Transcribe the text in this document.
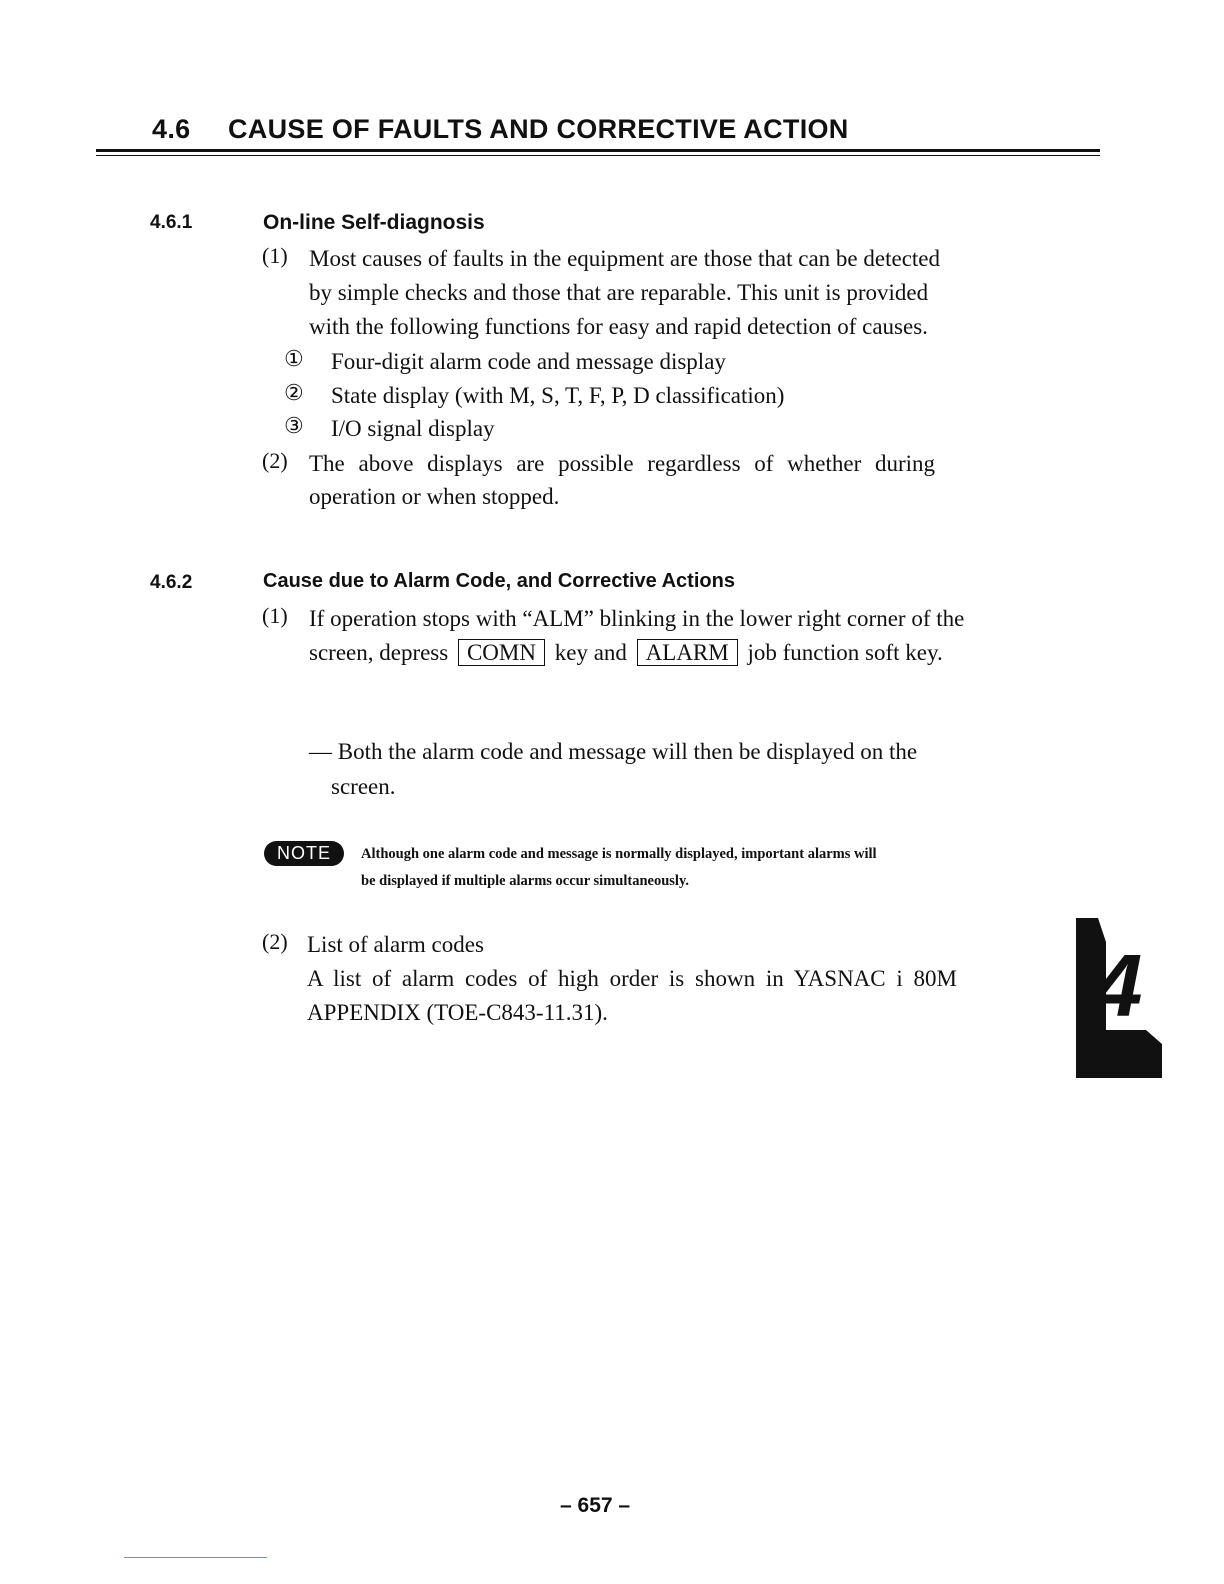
4.6 CAUSE OF FAULTS AND CORRECTIVE ACTION
4.6.1	On-line Self-diagnosis
(1) Most causes of faults in the equipment are those that can be detected
by simple checks and those that are reparable. This unit is provided
with the following functions for easy and rapid detection of causes.
① Four-digit alarm code and message display
② State display (with M, S, T, F, P, D classification)
③ I/O signal display
(2) The above displays are possible regardless of whether during
operation or when stopped.
4.6.2	Cause due to Alarm Code, and Corrective Actions
(1) If operation stops with “ALM” blinking in the lower right corner of the
screen, depress COMN key and ALARM job function soft key.
— Both the alarm code and message will then be displayed on the
screen.
NOTE	Although one alarm code and message is normally displayed, important alarms will
be displayed if multiple alarms occur simultaneously.
(2) List of alarm codes
A list of alarm codes of high order is shown in YASNAC i 80M
APPENDIX (TOE-C843-11.31).	4
– 657 –
